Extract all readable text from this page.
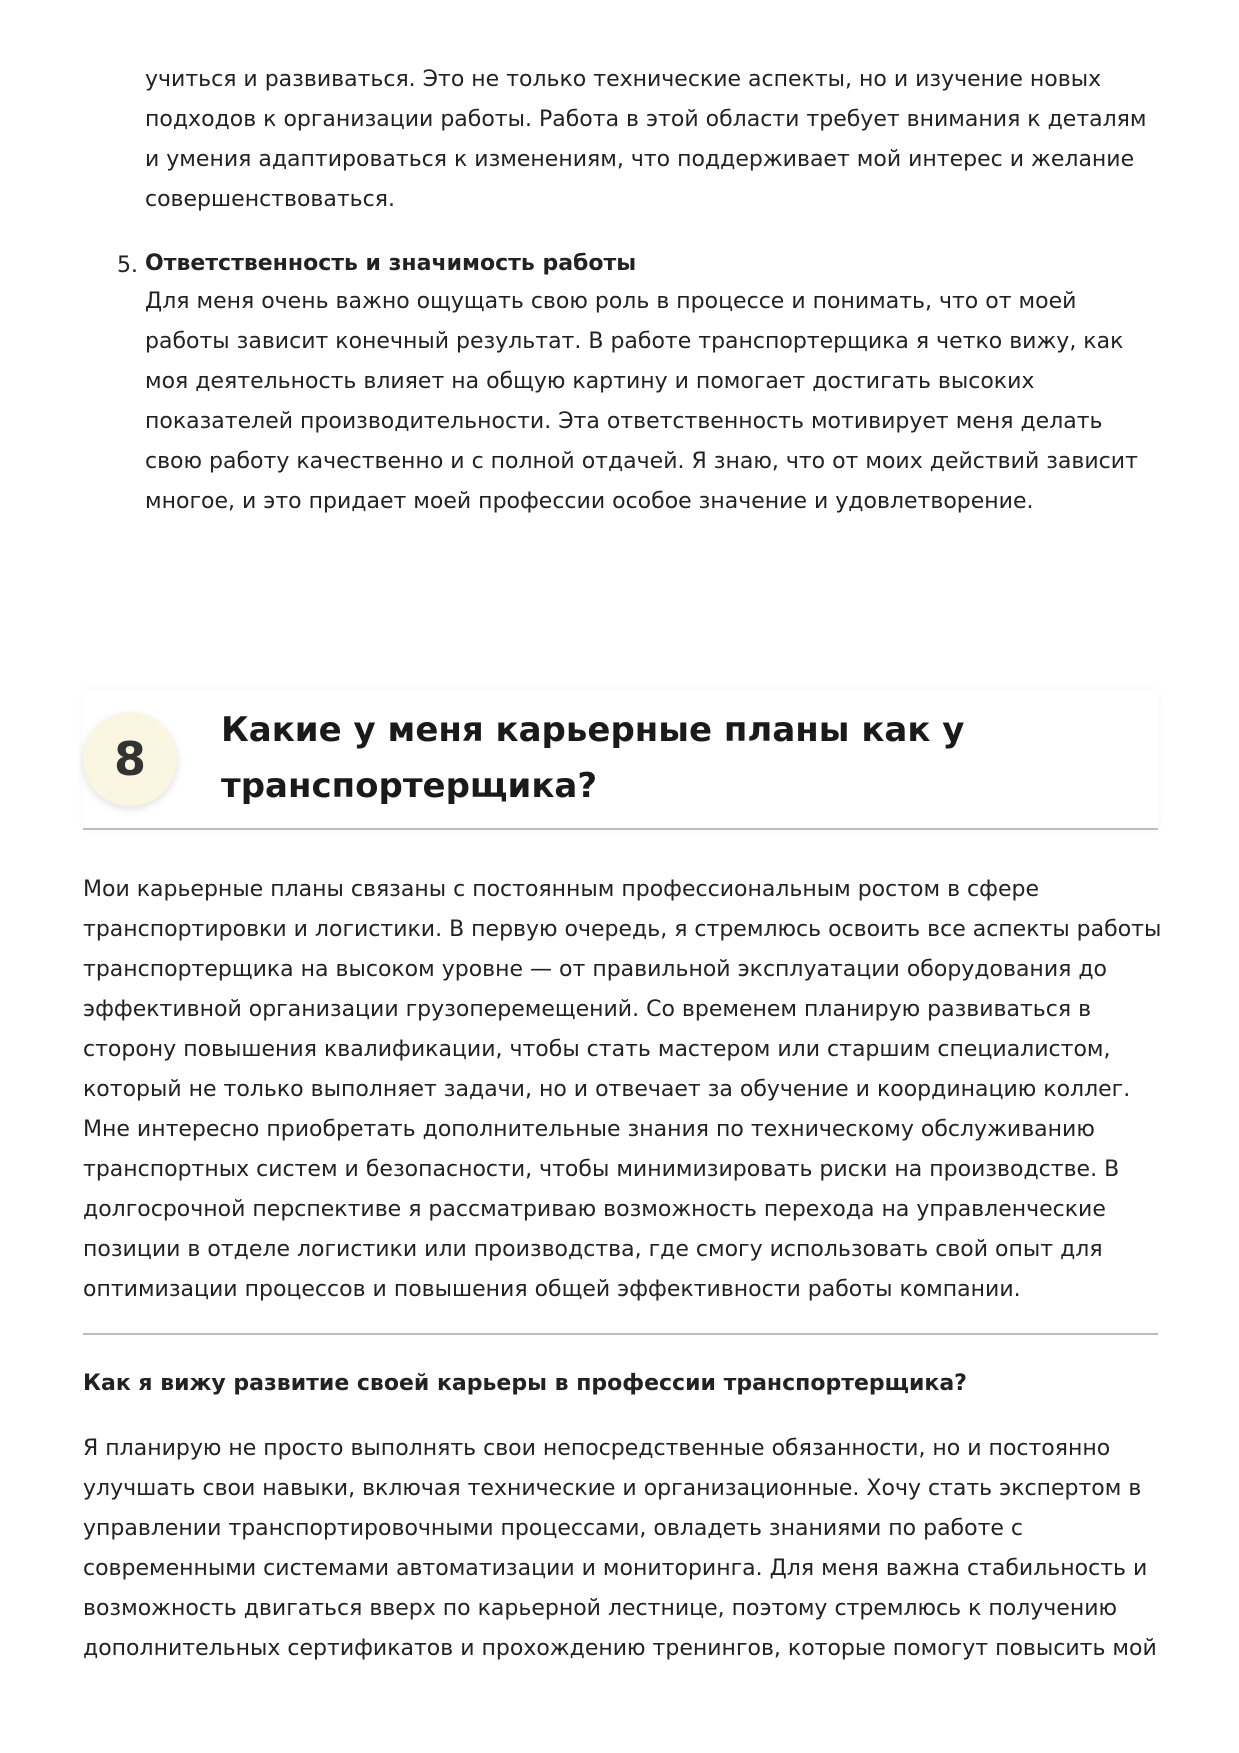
учиться и развиваться. Это не только технические аспекты, но и изучение новых подходов к организации работы. Работа в этой области требует внимания к деталям и умения адаптироваться к изменениям, что поддерживает мой интерес и желание совершенствоваться.

5. Ответственность и значимость работы
Для меня очень важно ощущать свою роль в процессе и понимать, что от моей работы зависит конечный результат. В работе транспортерщика я четко вижу, как моя деятельность влияет на общую картину и помогает достигать высоких показателей производительности. Эта ответственность мотивирует меня делать свою работу качественно и с полной отдачей. Я знаю, что от моих действий зависит многое, и это придает моей профессии особое значение и удовлетворение.
8
Какие у меня карьерные планы как у транспортерщика?

Мои карьерные планы связаны с постоянным профессиональным ростом в сфере транспортировки и логистики. В первую очередь, я стремлюсь освоить все аспекты работы транспортерщика на высоком уровне — от правильной эксплуатации оборудования до эффективной организации грузоперемещений. Со временем планирую развиваться в сторону повышения квалификации, чтобы стать мастером или старшим специалистом, который не только выполняет задачи, но и отвечает за обучение и координацию коллег. Мне интересно приобретать дополнительные знания по техническому обслуживанию транспортных систем и безопасности, чтобы минимизировать риски на производстве. В долгосрочной перспективе я рассматриваю возможность перехода на управленческие позиции в отделе логистики или производства, где смогу использовать свой опыт для оптимизации процессов и повышения общей эффективности работы компании.

Как я вижу развитие своей карьеры в профессии транспортерщика?

Я планирую не просто выполнять свои непосредственные обязанности, но и постоянно улучшать свои навыки, включая технические и организационные. Хочу стать экспертом в управлении транспортировочными процессами, овладеть знаниями по работе с современными системами автоматизации и мониторинга. Для меня важна стабильность и возможность двигаться вверх по карьерной лестнице, поэтому стремлюсь к получению дополнительных сертификатов и прохождению тренингов, которые помогут повысить мой
